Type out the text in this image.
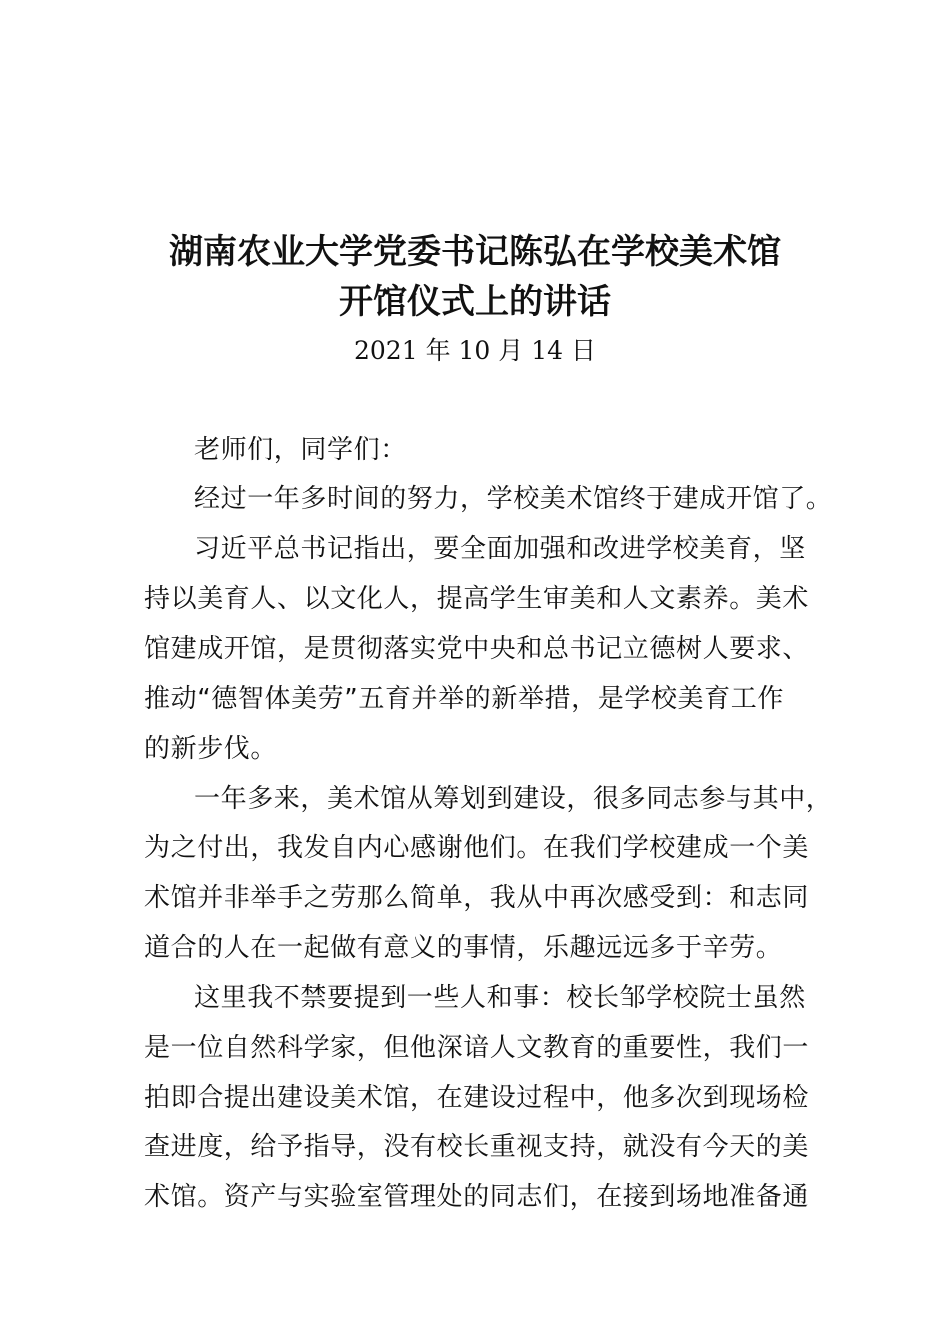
湖南农业大学党委书记陈弘在学校美术馆
开馆仪式上的讲话
2021 年 10 月 14 日
老师们，同学们：
经过一年多时间的努力，学校美术馆终于建成开馆了。
习近平总书记指出，要全面加强和改进学校美育，坚
持以美育人、以文化人，提高学生审美和人文素养。美术
馆建成开馆，是贯彻落实党中央和总书记立德树人要求、
推动“德智体美劳”五育并举的新举措，是学校美育工作
的新步伐。
一年多来，美术馆从筹划到建设，很多同志参与其中，
为之付出，我发自内心感谢他们。在我们学校建成一个美
术馆并非举手之劳那么简单，我从中再次感受到：和志同
道合的人在一起做有意义的事情，乐趣远远多于辛劳。
这里我不禁要提到一些人和事：校长邹学校院士虽然
是一位自然科学家，但他深谙人文教育的重要性，我们一
拍即合提出建设美术馆，在建设过程中，他多次到现场检
查进度，给予指导，没有校长重视支持，就没有今天的美
术馆。资产与实验室管理处的同志们，在接到场地准备通
